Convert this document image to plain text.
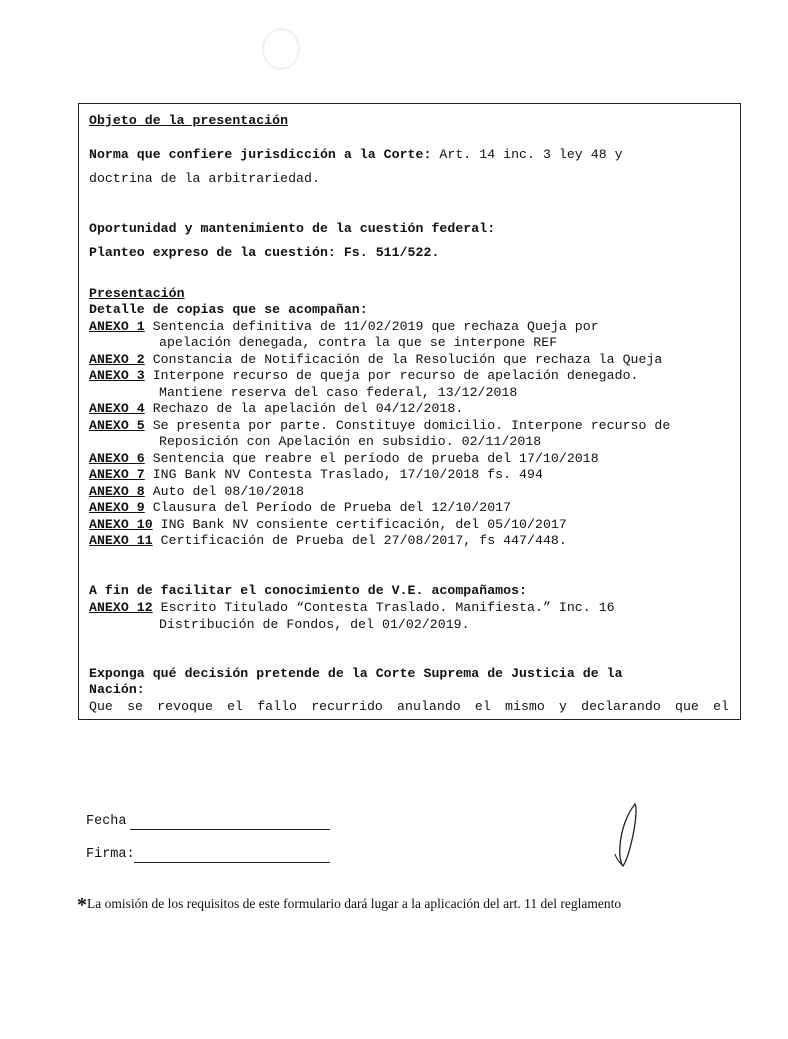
Objeto de la presentación
Norma que confiere jurisdicción a la Corte: Art. 14 inc. 3 ley 48 y
doctrina de la arbitrariedad.
Oportunidad y mantenimiento de la cuestión federal:
Planteo expreso de la cuestión: Fs. 511/522.
Presentación
Detalle de copias que se acompañan:
ANEXO 1 Sentencia definitiva de 11/02/2019 que rechaza Queja por
apelación denegada, contra la que se interpone REF
ANEXO 2 Constancia de Notificación de la Resolución que rechaza la Queja
ANEXO 3 Interpone recurso de queja por recurso de apelación denegado.
Mantiene reserva del caso federal, 13/12/2018
ANEXO 4 Rechazo de la apelación del 04/12/2018.
ANEXO 5 Se presenta por parte. Constituye domicilio. Interpone recurso de
Reposición con Apelación en subsidio. 02/11/2018
ANEXO 6 Sentencia que reabre el período de prueba del 17/10/2018
ANEXO 7 ING Bank NV Contesta Traslado, 17/10/2018 fs. 494
ANEXO 8 Auto del 08/10/2018
ANEXO 9 Clausura del Período de Prueba del 12/10/2017
ANEXO 10 ING Bank NV consiente certificación, del 05/10/2017
ANEXO 11 Certificación de Prueba del 27/08/2017, fs 447/448.
A fin de facilitar el conocimiento de V.E. acompañamos:
ANEXO 12 Escrito Titulado “Contesta Traslado. Manifiesta.” Inc. 16
Distribución de Fondos, del 01/02/2019.
Exponga qué decisión pretende de la Corte Suprema de Justicia de la
Nación:
Que se revoque el fallo recurrido anulando el mismo y declarando que el
Fecha
Firma:
*La omisión de los requisitos de este formulario dará lugar a la aplicación del art. 11 del reglamento
